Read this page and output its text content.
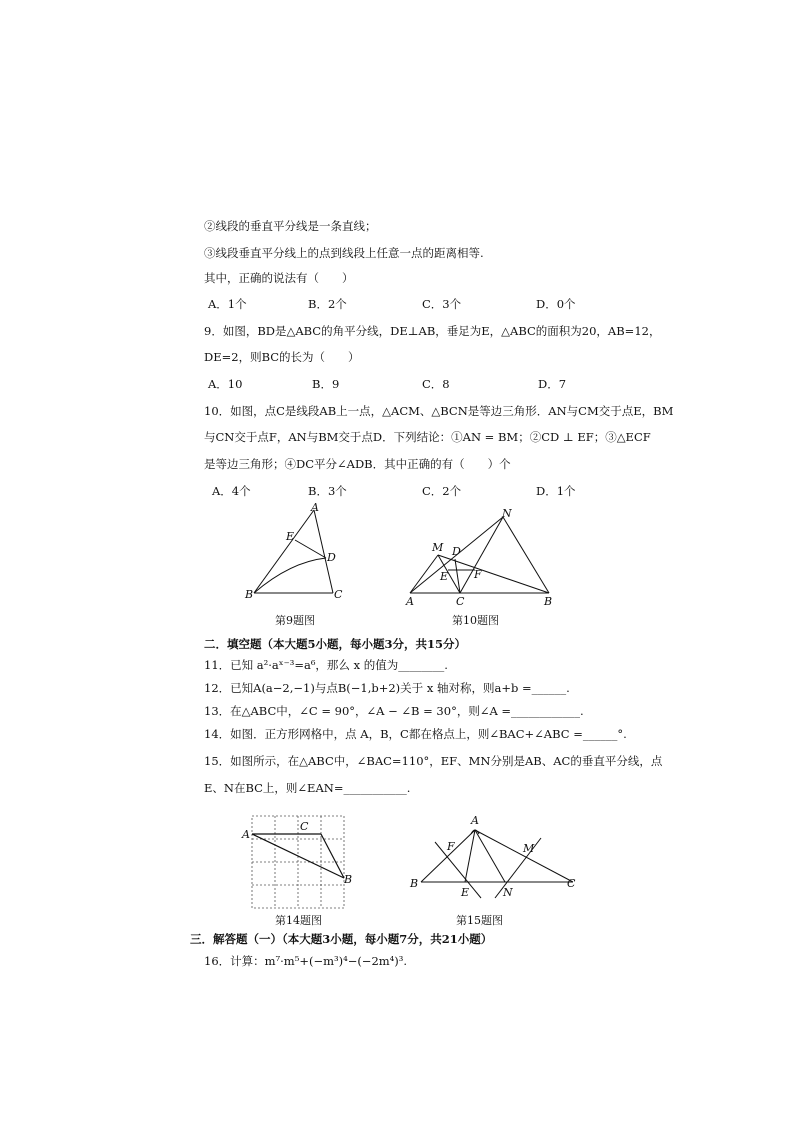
②线段的垂直平分线是一条直线；
③线段垂直平分线上的点到线段上任意一点的距离相等.
其中，正确的说法有（　　）
A．1个	B．2个	C．3个	D．0个
9．如图，BD是△ABC的角平分线，DE⊥AB，垂足为E，△ABC的面积为20，AB=12，
DE=2，则BC的长为（　　）
A．10	B．9	C．8	D．7
10．如图，点C是线段AB上一点，△ACM、△BCN是等边三角形．AN与CM交于点E，BM
与CN交于点F，AN与BM交于点D．下列结论：①AN = BM；②CD ⊥ EF；③△ECF
是等边三角形；④DC平分∠ADB．其中正确的有（　　）个
A．4个	B．3个	C．2个	D．1个
A
E
D
B	C
第9题图
N
M D
E F
A	C	B
第10题图
二．填空题（本大题5小题，每小题3分，共15分）
11．已知 a²·aˣ⁻³=a⁶，那么 x 的值为________.
12．已知A(a−2,−1)与点B(−1,b+2)关于 x 轴对称，则a+b =______.
13．在△ABC中，∠C = 90°，∠A − ∠B = 30°，则∠A =____________.
14．如图．正方形网格中，点 A，B，C都在格点上，则∠BAC+∠ABC =______°.
15．如图所示，在△ABC中，∠BAC=110°，EF、MN分别是AB、AC的垂直平分线，点
E、N在BC上，则∠EAN=___________.
A
C
B
第14题图
A
F	M
B
E	N
C
第15题图
三．解答题（一）（本大题3小题，每小题7分，共21小题）
16．计算：m⁷·m⁵+(−m³)⁴−(−2m⁴)³.
